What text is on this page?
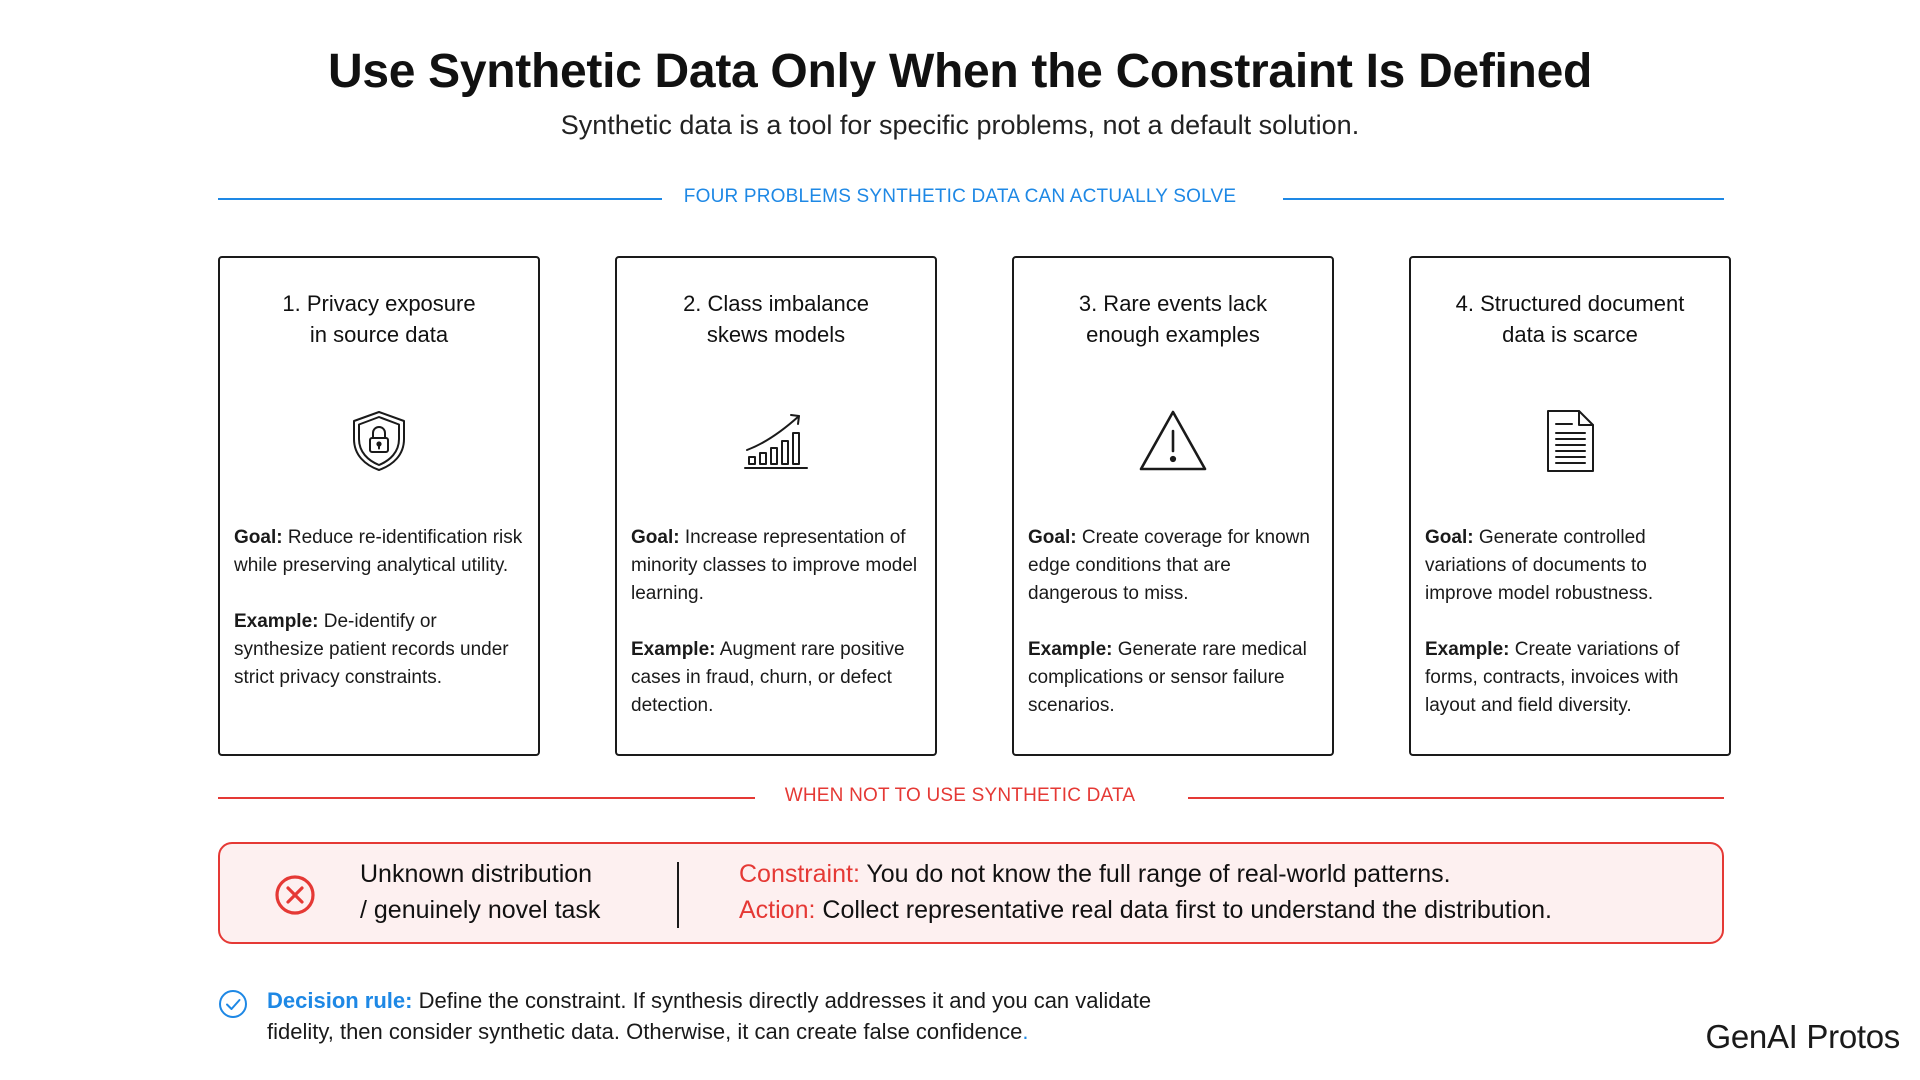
Use Synthetic Data Only When the Constraint Is Defined
Synthetic data is a tool for specific problems, not a default solution.
FOUR PROBLEMS SYNTHETIC DATA CAN ACTUALLY SOLVE
1. Privacy exposure
in source data
Goal: Reduce re-identification risk while preserving analytical utility.
Example: De-identify or synthesize patient records under strict privacy constraints.
2. Class imbalance
skews models
Goal: Increase representation of minority classes to improve model learning.
Example: Augment rare positive cases in fraud, churn, or defect detection.
3. Rare events lack
enough examples
Goal: Create coverage for known edge conditions that are dangerous to miss.
Example: Generate rare medical complications or sensor failure scenarios.
4. Structured document
data is scarce
Goal: Generate controlled variations of documents to improve model robustness.
Example: Create variations of forms, contracts, invoices with layout and field diversity.
WHEN NOT TO USE SYNTHETIC DATA
Unknown distribution
/ genuinely novel task
Constraint: You do not know the full range of real-world patterns.
Action: Collect representative real data first to understand the distribution.
Decision rule: Define the constraint. If synthesis directly addresses it and you can validate fidelity, then consider synthetic data. Otherwise, it can create false confidence.	GenAI Protos
